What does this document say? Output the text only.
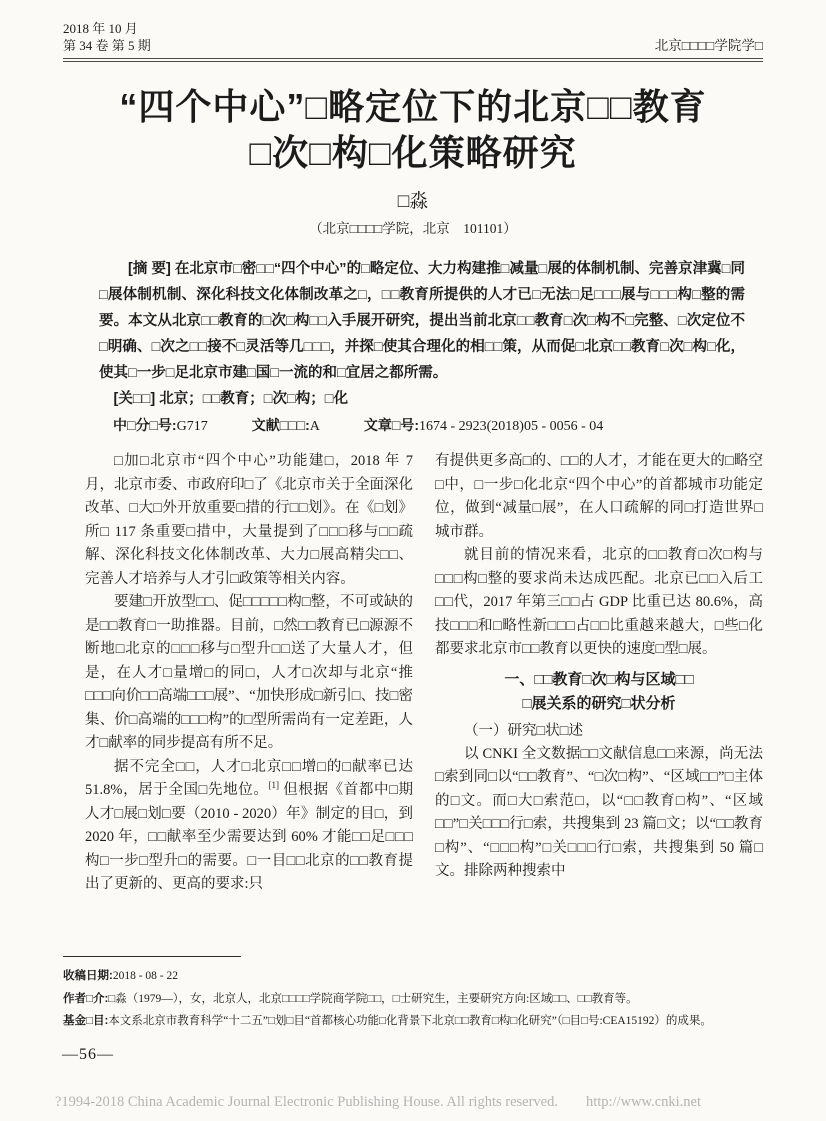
2018 年 10 月
第 34 卷 第 5 期	北京□□□□学院学□
“四个中心”□略定位下的北京□□教育
□次□构□化策略研究
□淼
（北京□□□□学院，北京　101101）
[摘 要] 在北京市□密□□“四个中心”的□略定位、大力构建推□减量□展的体制机制、完善京津冀□同□展体制机制、深化科技文化体制改革之□，□□教育所提供的人才已□无法□足□□□展与□□□构□整的需要。本文从北京□□教育的□次□构□□入手展开研究，提出当前北京□□教育□次□构不□完整、□次定位不□明确、□次之□□接不□灵活等几□□□，并探□使其合理化的相□□策，从而促□北京□□教育□次□构□化，使其□一步□足北京市建□国□一流的和□宜居之都所需。
[关□□] 北京；□□教育；□次□构；□化
中□分□号:G717	文献□□□:A	文章□号:1674 - 2923(2018)05 - 0056 - 04

□加□北京市“四个中心”功能建□，2018 年 7 月，北京市委、市政府印□了《北京市关于全面深化改革、□大□外开放重要□措的行□□划》。在《□划》所□ 117 条重要□措中，大量提到了□□□移与□□疏解、深化科技文化体制改革、大力□展高精尖□□、完善人才培养与人才引□政策等相关内容。

要建□开放型□□、促□□□□□构□整，不可或缺的是□□教育□一助推器。目前，□然□□教育已□源源不断地□北京的□□□移与□型升□□送了大量人才，但是，在人才□量增□的同□，人才□次却与北京“推□□□向价□□高端□□□展”、“加快形成□新引□、技□密集、价□高端的□□□构”的□型所需尚有一定差距，人才□献率的同步提高有所不足。

据不完全□□，人才□北京□□增□的□献率已达 51.8%，居于全国□先地位。[1] 但根据《首都中□期人才□展□划□要（2010 - 2020）年》制定的目□，到 2020 年，□□献率至少需要达到 60% 才能□□足□□□构□一步□型升□的需要。□一目□□北京的□□教育提出了更新的、更高的要求:只

有提供更多高□的、□□的人才，才能在更大的□略空□中，□一步□化北京“四个中心”的首都城市功能定位，做到“减量□展”，在人口疏解的同□打造世界□城市群。

就目前的情况来看，北京的□□教育□次□构与□□□构□整的要求尚未达成匹配。北京已□□入后工□□代，2017 年第三□□占 GDP 比重已达 80.6%，高技□□□和□略性新□□□占□□比重越来越大，□些□化都要求北京市□□教育以更快的速度□型□展。

一、□□教育□次□构与区域□□
□展关系的研究□状分析
（一）研究□状□述

以 CNKI 全文数据□□文献信息□□来源，尚无法□索到同□以“□□教育”、“□次□构”、“区域□□”□主体的□文。而□大□索范□，以“□□教育□构”、“区域□□”□关□□□行□索，共搜集到 23 篇□文；以“□□教育□构”、“□□□构”□关□□□行□索，共搜集到 50 篇□文。排除两种搜索中

收稿日期:2018 - 08 - 22
作者□介:□淼（1979—），女，北京人，北京□□□□学院商学院□□，□士研究生，主要研究方向:区域□□、□□教育等。
基金□目:本文系北京市教育科学“十二五”□划□目“首都核心功能□化背景下北京□□教育□构□化研究”（□目□号:CEA15192）的成果。
—56—
?1994-2018 China Academic Journal Electronic Publishing House. All rights reserved. http://www.cnki.net
